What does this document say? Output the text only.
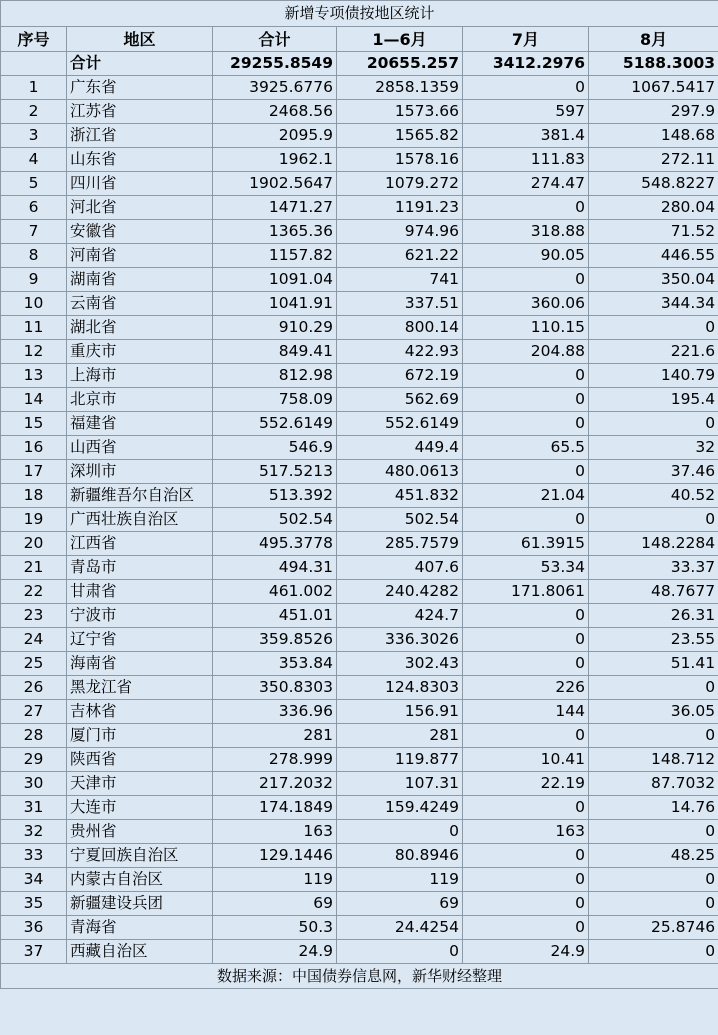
新增专项债按地区统计					
序号	地区	合计	1—6月	7月	8月
	合计	29255.8549	20655.257	3412.2976	5188.3003
1	广东省	3925.6776	2858.1359	0	1067.5417
2	江苏省	2468.56	1573.66	597	297.9
3	浙江省	2095.9	1565.82	381.4	148.68
4	山东省	1962.1	1578.16	111.83	272.11
5	四川省	1902.5647	1079.272	274.47	548.8227
6	河北省	1471.27	1191.23	0	280.04
7	安徽省	1365.36	974.96	318.88	71.52
8	河南省	1157.82	621.22	90.05	446.55
9	湖南省	1091.04	741	0	350.04
10	云南省	1041.91	337.51	360.06	344.34
11	湖北省	910.29	800.14	110.15	0
12	重庆市	849.41	422.93	204.88	221.6
13	上海市	812.98	672.19	0	140.79
14	北京市	758.09	562.69	0	195.4
15	福建省	552.6149	552.6149	0	0
16	山西省	546.9	449.4	65.5	32
17	深圳市	517.5213	480.0613	0	37.46
18	新疆维吾尔自治区	513.392	451.832	21.04	40.52
19	广西壮族自治区	502.54	502.54	0	0
20	江西省	495.3778	285.7579	61.3915	148.2284
21	青岛市	494.31	407.6	53.34	33.37
22	甘肃省	461.002	240.4282	171.8061	48.7677
23	宁波市	451.01	424.7	0	26.31
24	辽宁省	359.8526	336.3026	0	23.55
25	海南省	353.84	302.43	0	51.41
26	黑龙江省	350.8303	124.8303	226	0
27	吉林省	336.96	156.91	144	36.05
28	厦门市	281	281	0	0
29	陕西省	278.999	119.877	10.41	148.712
30	天津市	217.2032	107.31	22.19	87.7032
31	大连市	174.1849	159.4249	0	14.76
32	贵州省	163	0	163	0
33	宁夏回族自治区	129.1446	80.8946	0	48.25
34	内蒙古自治区	119	119	0	0
35	新疆建设兵团	69	69	0	0
36	青海省	50.3	24.4254	0	25.8746
37	西藏自治区	24.9	0	24.9	0
数据来源：中国债券信息网，新华财经整理					
